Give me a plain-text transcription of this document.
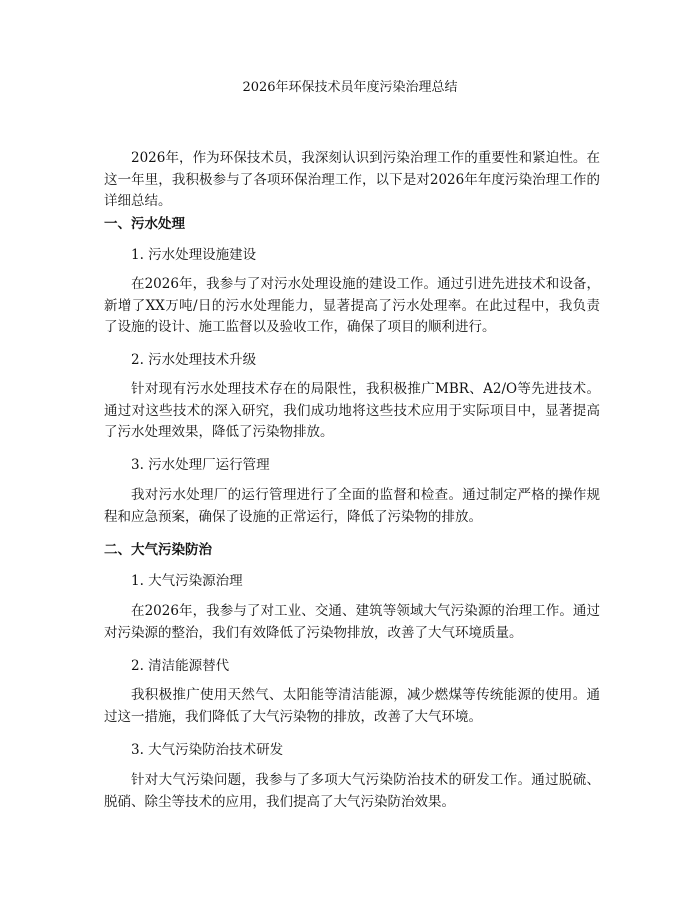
2026年环保技术员年度污染治理总结

2026年，作为环保技术员，我深刻认识到污染治理工作的重要性和紧迫性。在这一年里，我积极参与了各项环保治理工作，以下是对2026年年度污染治理工作的详细总结。

一、污水处理

1. 污水处理设施建设

在2026年，我参与了对污水处理设施的建设工作。通过引进先进技术和设备，新增了XX万吨/日的污水处理能力，显著提高了污水处理率。在此过程中，我负责了设施的设计、施工监督以及验收工作，确保了项目的顺利进行。

2. 污水处理技术升级

针对现有污水处理技术存在的局限性，我积极推广MBR、A2/O等先进技术。通过对这些技术的深入研究，我们成功地将这些技术应用于实际项目中，显著提高了污水处理效果，降低了污染物排放。

3. 污水处理厂运行管理

我对污水处理厂的运行管理进行了全面的监督和检查。通过制定严格的操作规程和应急预案，确保了设施的正常运行，降低了污染物的排放。

二、大气污染防治

1. 大气污染源治理

在2026年，我参与了对工业、交通、建筑等领域大气污染源的治理工作。通过对污染源的整治，我们有效降低了污染物排放，改善了大气环境质量。

2. 清洁能源替代

我积极推广使用天然气、太阳能等清洁能源，减少燃煤等传统能源的使用。通过这一措施，我们降低了大气污染物的排放，改善了大气环境。

3. 大气污染防治技术研发

针对大气污染问题，我参与了多项大气污染防治技术的研发工作。通过脱硫、脱硝、除尘等技术的应用，我们提高了大气污染防治效果。
